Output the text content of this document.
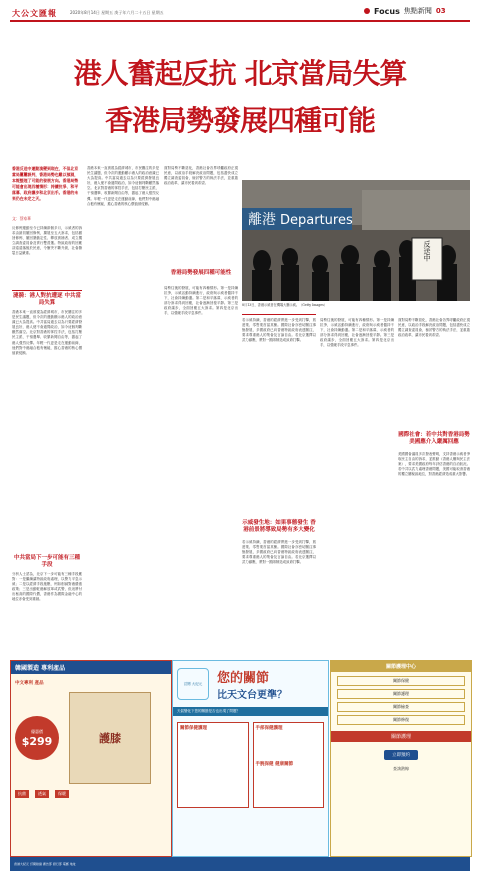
大公文匯報	2020年8月14日 星期五 庚子年六月二十五日 星期五	Focus 焦點新聞 03
港人奮起反抗 北京當局失算
香港局勢發展四種可能
香港反送中運動演變到現在，不但北京當局屢屢誤判，香港局勢也難以預測，本報整理了可能的發展方向。香港局勢可能會出現四種情形：持續抗爭、和平落幕、政府讓步和北京出手。香港的未來仍在未定之天。
文：蔡家華
反修例運動至今已持續兩個多月，示威者的訴求由最初撤回修例，擴展至五大訴求，包括撤回修例、撤回暴動定性、釋放被捕者、成立獨立調查委員會及實行雙普選。特區政府的回應卻遠遠落後於民意，令衝突不斷升級，社會撕裂日益嚴重。
漣漪：港人對抗遭逐 中共當局失算
香港本來一直被視為經濟城市，市民關注的多是民生議題，但今次的運動顯示港人的政治意識已大為提高。中共當局過去以為只要經濟發展良好，港人便不會過問政治，如今這個判斷顯然落空。北京對香港的掌控手法，包括打壓民主派、干預選舉、收緊新聞自由等，激起了港人強烈反彈。年輕一代更是走在運動前線，他們對中港融合抱有懷疑，擔心香港的核心價值被侵蝕。
中共當局下一步可能有三種手段
分析人士認為，北京下一步可能有三種手段應對：一是繼續讓特區政府處理，以警力平息示威；二是以經濟手段施壓，例如削減對港優惠政策；三是出動駐港解放軍或武警，但這將付出極高的國際代價，香港作為國際金融中心的地位亦會受到重創。
香港本來一直被視為經濟城市，市民關注的多是民生議題，但今次的運動顯示港人的政治意識已大為提高。中共當局過去以為只要經濟發展良好，港人便不會過問政治，如今這個判斷顯然落空。北京對香港的掌控手法，包括打壓民主派、干預選舉、收緊新聞自由等，激起了港人強烈反彈。年輕一代更是走在運動前線，他們對中港融合抱有懷疑，擔心香港的核心價值被侵蝕。
面對局勢不斷惡化，香港社會各界呼籲政府正視民意，以政治手段解決政治問題，包括盡快成立獨立調查委員會，檢討警方的執法手法，並重啟政治改革，讓市民看到希望。
香港局勢發展四種可能性
局勢往後的發展，可能有四種情形。第一是持續抗爭，示威活動持續進行，政府與示威者僵持不下，社會持續動盪。第二是和平落幕，示威者的部分訴求得到回應，社會逐漸回復平靜。第三是政府讓步，全面回應五大訴求。第四是北京出手，以強硬手段平息事件。
離港 Departures
反送中
8月13日，香港示威者在機場大廳示威。（Getty Images）
若示威持續，香港的經濟將進一步受到打擊，旅遊業、零售業首當其衝。國際社會亦密切關注事態發展，多國政府已向香港特區政府表達關注，要求尊重港人的集會及言論自由。若北京選擇以武力鎮壓，將對一國兩制造成致命打擊。
示威發生地：如果事態發生 香港前景將導致局勢有多大變化
若示威持續，香港的經濟將進一步受到打擊，旅遊業、零售業首當其衝。國際社會亦密切關注事態發展，多國政府已向香港特區政府表達關注，要求尊重港人的集會及言論自由。若北京選擇以武力鎮壓，將對一國兩制造成致命打擊。
局勢往後的發展，可能有四種情形。第一是持續抗爭，示威活動持續進行，政府與示威者僵持不下，社會持續動盪。第二是和平落幕，示威者的部分訴求得到回應，社會逐漸回復平靜。第三是政府讓步，全面回應五大訴求。第四是北京出手，以強硬手段平息事件。
面對局勢不斷惡化，香港社會各界呼籲政府正視民意，以政治手段解決政治問題，包括盡快成立獨立調查委員會，檢討警方的執法手法，並重啟政治改革，讓市民看到希望。
國際社會：若中共對香港局勢 美國應介入嚴厲回應
美國國會議員多次發表聲明，支持香港示威者爭取民主自由的訴求，並推動《香港人權與民主法案》，要求美國政府每年評估香港的自治狀況。若中共以武力處理香港問題，美國可能取消香港的獨立關稅區地位，對香港經濟造成重大影響。
韓國製造 專利產品
中文專利 產品
優惠價
$299	護膝
抗菌	透氣	保暖
訂閱 大紀元 您的關節
比天文台更準？
天氣變化下您的關節是否也出現了問題？
關節保健護理	手部保健護理
手腕保健 健康關節
關節護理中心
關節保健
關節護理
關節檢查
關節修復
關節護理
立即預約
查詢熱線
香港大紀元 訂閱熱線 廣告部 發行部 電郵 地址
